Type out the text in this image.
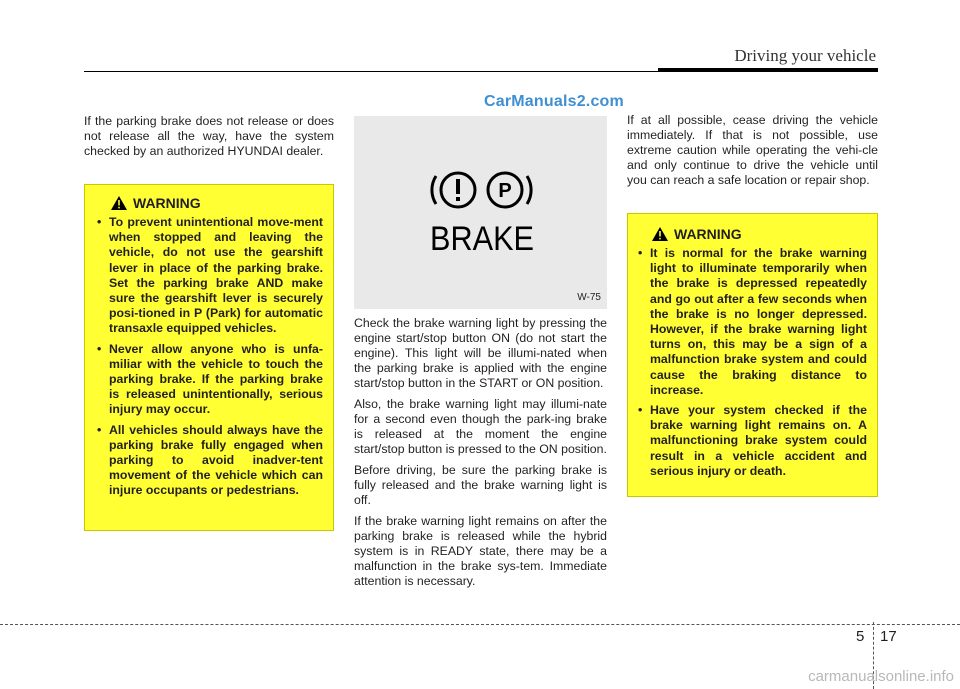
Driving your vehicle
CarManuals2.com

If the parking brake does not release or does not release all the way, have the system checked by an authorized HYUNDAI dealer.

WARNING
• To prevent unintentional move-ment when stopped and leaving the vehicle, do not use the gearshift lever in place of the parking brake. Set the parking brake AND make sure the gearshift lever is securely posi-tioned in P (Park) for automatic transaxle equipped vehicles.
• Never allow anyone who is unfa-miliar with the vehicle to touch the parking brake. If the parking brake is released unintentionally, serious injury may occur.
• All vehicles should always have the parking brake fully engaged when parking to avoid inadver-tent movement of the vehicle which can injure occupants or pedestrians.
P
BRAKE
W-75

Check the brake warning light by pressing the engine start/stop button ON (do not start the engine). This light will be illumi-nated when the parking brake is applied with the engine start/stop button in the START or ON position.

Also, the brake warning light may illumi-nate for a second even though the park-ing brake is released at the moment the engine start/stop button is pressed to the ON position.

Before driving, be sure the parking brake is fully released and the brake warning light is off.

If the brake warning light remains on after the parking brake is released while the hybrid system is in READY state, there may be a malfunction in the brake sys-tem. Immediate attention is necessary.

If at all possible, cease driving the vehicle immediately. If that is not possible, use extreme caution while operating the vehi-cle and only continue to drive the vehicle until you can reach a safe location or repair shop.

WARNING
• It is normal for the brake warning light to illuminate temporarily when the brake is depressed repeatedly and go out after a few seconds when the brake is no longer depressed. However, if the brake warning light turns on, this may be a sign of a malfunction brake system and could cause the braking distance to increase.
• Have your system checked if the brake warning light remains on. A malfunctioning brake system could result in a vehicle accident and serious injury or death.
5 17
carmanualsonline.info
